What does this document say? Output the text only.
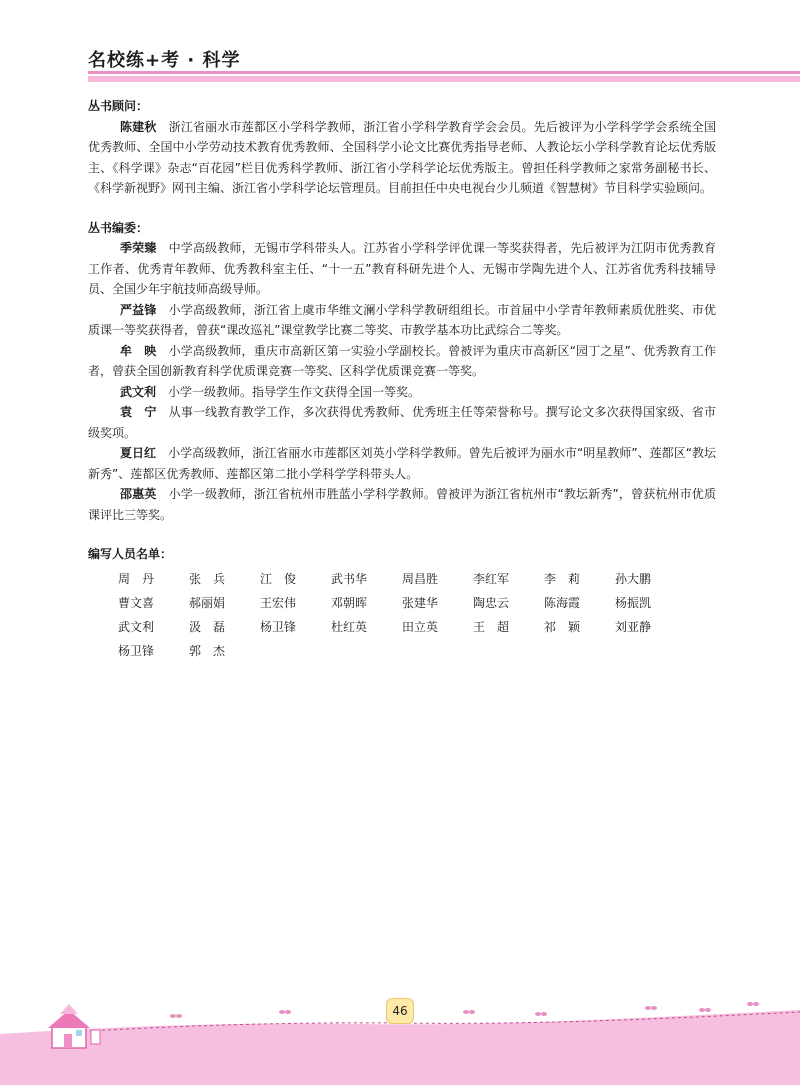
名校练+考 · 科学

丛书顾问：

陈建秋　 浙江省丽水市莲都区小学科学教师，浙江省小学科学教育学会会员。先后被评为小学科学学会系统全国优秀教师、全国中小学劳动技术教育优秀教师、全国科学小论文比赛优秀指导老师、人教论坛小学科学教育论坛优秀版主、《科学课》杂志“百花园”栏目优秀科学教师、浙江省小学科学论坛优秀版主。曾担任科学教师之家常务副秘书长、《科学新视野》网刊主编、浙江省小学科学论坛管理员。目前担任中央电视台少儿频道《智慧树》节目科学实验顾问。

丛书编委：

季荣臻　 中学高级教师，无锡市学科带头人。江苏省小学科学评优课一等奖获得者，先后被评为江阴市优秀教育工作者、优秀青年教师、优秀教科室主任、“十一五”教育科研先进个人、无锡市学陶先进个人、江苏省优秀科技辅导员、全国少年宇航技师高级导师。

严益锋　 小学高级教师，浙江省上虞市华维文澜小学科学教研组组长。市首届中小学青年教师素质优胜奖、市优质课一等奖获得者，曾获“课改巡礼”课堂教学比赛二等奖、市教学基本功比武综合二等奖。

牟　映　 小学高级教师，重庆市高新区第一实验小学副校长。曾被评为重庆市高新区“园丁之星”、优秀教育工作者，曾获全国创新教育科学优质课竞赛一等奖、区科学优质课竞赛一等奖。

武文利　 小学一级教师。指导学生作文获得全国一等奖。

袁　宁　 从事一线教育教学工作，多次获得优秀教师、优秀班主任等荣誉称号。撰写论文多次获得国家级、省市级奖项。

夏日红　 小学高级教师，浙江省丽水市莲都区刘英小学科学教师。曾先后被评为丽水市“明星教师”、莲都区“教坛新秀”、莲都区优秀教师、莲都区第二批小学科学学科带头人。

邵惠英　 小学一级教师，浙江省杭州市胜蓝小学科学教师。曾被评为浙江省杭州市“教坛新秀”，曾获杭州市优质课评比三等奖。

编写人员名单：

周　丹	张　兵	江　俊	武书华	周昌胜	李红军	李　莉	孙大鹏
曹文喜	郝丽娟	王宏伟	邓朝晖	张建华	陶忠云	陈海霞	杨振凯
武文利	汲　磊	杨卫锋	杜红英	田立英	王　超	祁　颖	刘亚静
杨卫锋	郭　杰
46
